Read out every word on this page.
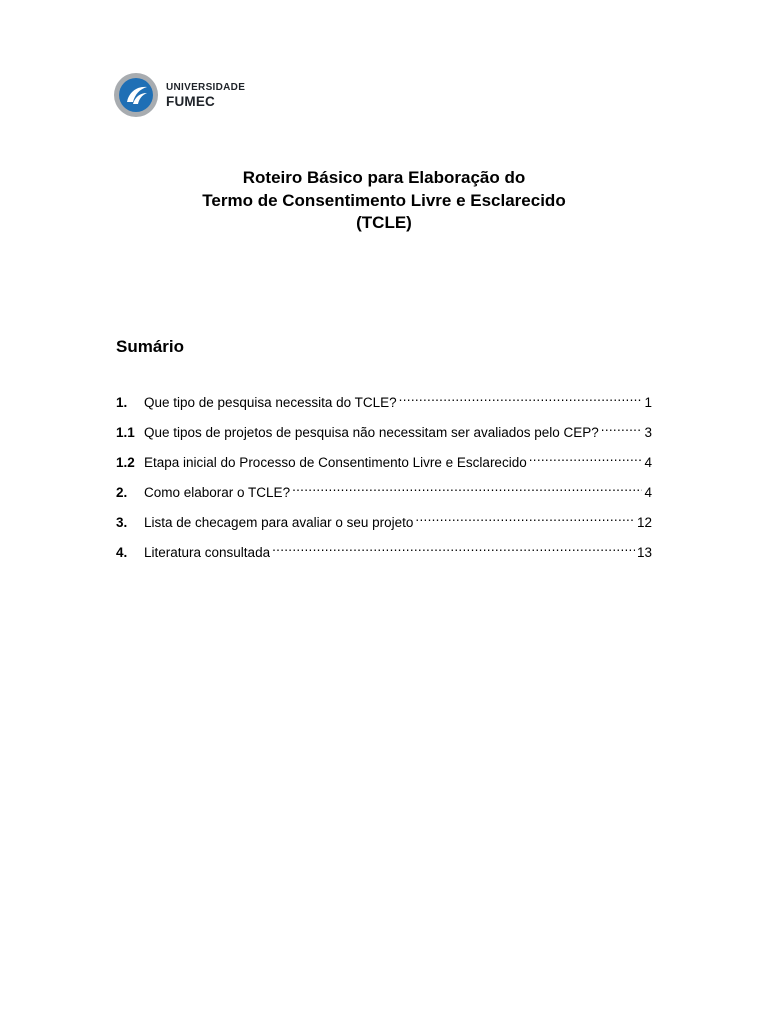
UNIVERSIDADE
FUMEC
Roteiro Básico para Elaboração do
Termo de Consentimento Livre e Esclarecido
(TCLE)
Sumário
1.	Que tipo de pesquisa necessita do TCLE? .....	1
1.1 Que tipos de projetos de pesquisa não necessitam ser avaliados pelo CEP? .....	3
1.2 Etapa inicial do Processo de Consentimento Livre e Esclarecido .....	4
2.	Como elaborar o TCLE? .....	4
3.	Lista de checagem para avaliar o seu projeto .....	12
4.	Literatura consultada .....	13
